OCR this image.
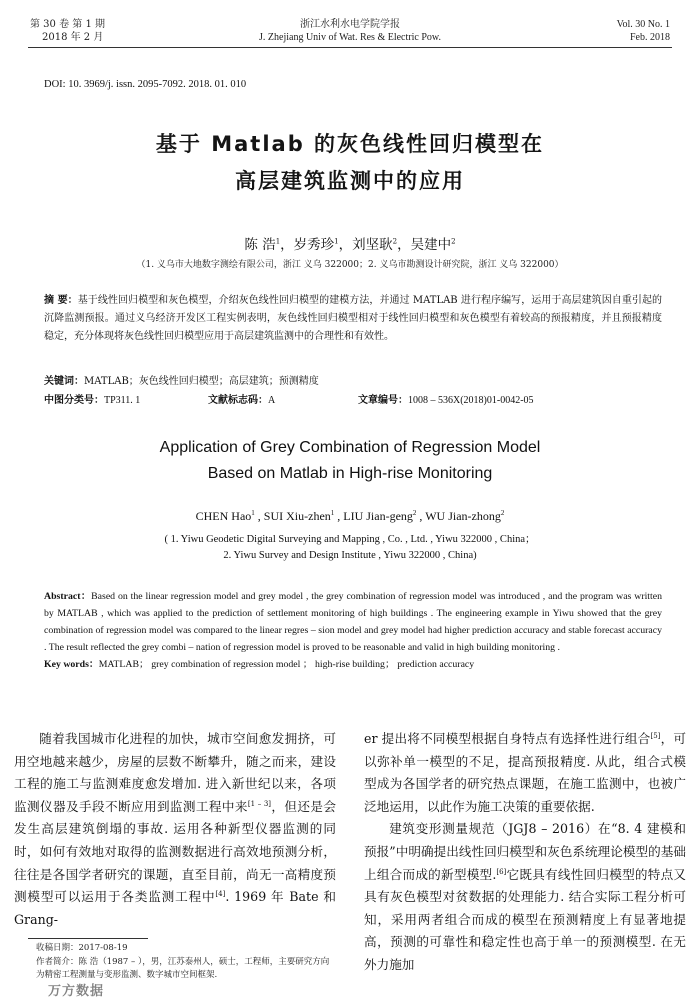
第 30 卷 第 1 期
2018 年 2 月
浙江水利水电学院学报
J. Zhejiang Univ of Wat. Res & Electric Pow.
Vol. 30 No. 1
Feb. 2018
DOI: 10. 3969/j. issn. 2095-7092. 2018. 01. 010
基于 Matlab 的灰色线性回归模型在
高层建筑监测中的应用
陈 浩$^1$，岁秀珍$^1$，刘坚耿$^2$，吴建中$^2$
（1. 义乌市大地数字测绘有限公司，浙江 义乌 322000；2. 义乌市勘测设计研究院，浙江 义乌 322000）
摘 要：基于线性回归模型和灰色模型，介绍灰色线性回归模型的建模方法，并通过 MATLAB 进行程序编写，运用于高层建筑因自重引起的沉降监测预报。通过义乌经济开发区工程实例表明，灰色线性回归模型相对于线性回归模型和灰色模型有着较高的预报精度，并且预报精度稳定，充分体现将灰色线性回归模型应用于高层建筑监测中的合理性和有效性。
关键词：MATLAB；灰色线性回归模型；高层建筑；预测精度
中图分类号：TP311. 1	文献标志码：A	文章编号：1008 – 536X(2018)01-0042-05
Application of Grey Combination of Regression Model
Based on Matlab in High-rise Monitoring
CHEN Hao$^1$ , SUI Xiu-zhen$^1$ , LIU Jian-geng$^2$ , WU Jian-zhong$^2$
( 1. Yiwu Geodetic Digital Surveying and Mapping , Co. , Ltd. , Yiwu 322000 , China；
2. Yiwu Survey and Design Institute , Yiwu 322000 , China)
Abstract：Based on the linear regression model and grey model , the grey combination of regression model was introduced , and the program was written by MATLAB , which was applied to the prediction of settlement monitoring of high buildings . The engineering example in Yiwu showed that the grey combination of regression model was compared to the linear regres – sion model and grey model had higher prediction accuracy and stable forecast accuracy . The result reflected the grey combi – nation of regression model is proved to be reasonable and valid in high building monitoring .
Key words：MATLAB； grey combination of regression model ； high-rise building； prediction accuracy

随着我国城市化进程的加快，城市空间愈发拥挤，可用空地越来越少，房屋的层数不断攀升，随之而来，建设工程的施工与监测难度愈发增加. 进入新世纪以来，各项监测仪器及手段不断应用到监测工程中来[1 – 3]，但还是会发生高层建筑倒塌的事故. 运用各种新型仪器监测的同时，如何有效地对取得的监测数据进行高效地预测分析，往往是各国学者研究的课题，直至目前，尚无一高精度预测模型可以运用于各类监测工程中[4]. 1969 年 Bate 和 Grang-

er 提出将不同模型根据自身特点有选择性进行组合[5]，可以弥补单一模型的不足，提高预报精度. 从此，组合式模型成为各国学者的研究热点课题，在施工监测中，也被广泛地运用，以此作为施工决策的重要依据.

建筑变形测量规范（JGJ8 – 2016）在“8. 4 建模和预报”中明确提出线性回归模型和灰色系统理论模型的基础上组合而成的新型模型.[6]它既具有线性回归模型的特点又具有灰色模型对贫数据的处理能力. 结合实际工程分析可知，采用两者组合而成的模型在预测精度上有显著地提高，预测的可靠性和稳定性也高于单一的预测模型. 在无外力施加

收稿日期：2017-08-19
作者简介：陈 浩（1987 – ），男，江苏泰州人，硕士，工程师，主要研究方向为精密工程测量与变形监测、数字城市空间框架.
万方数据
